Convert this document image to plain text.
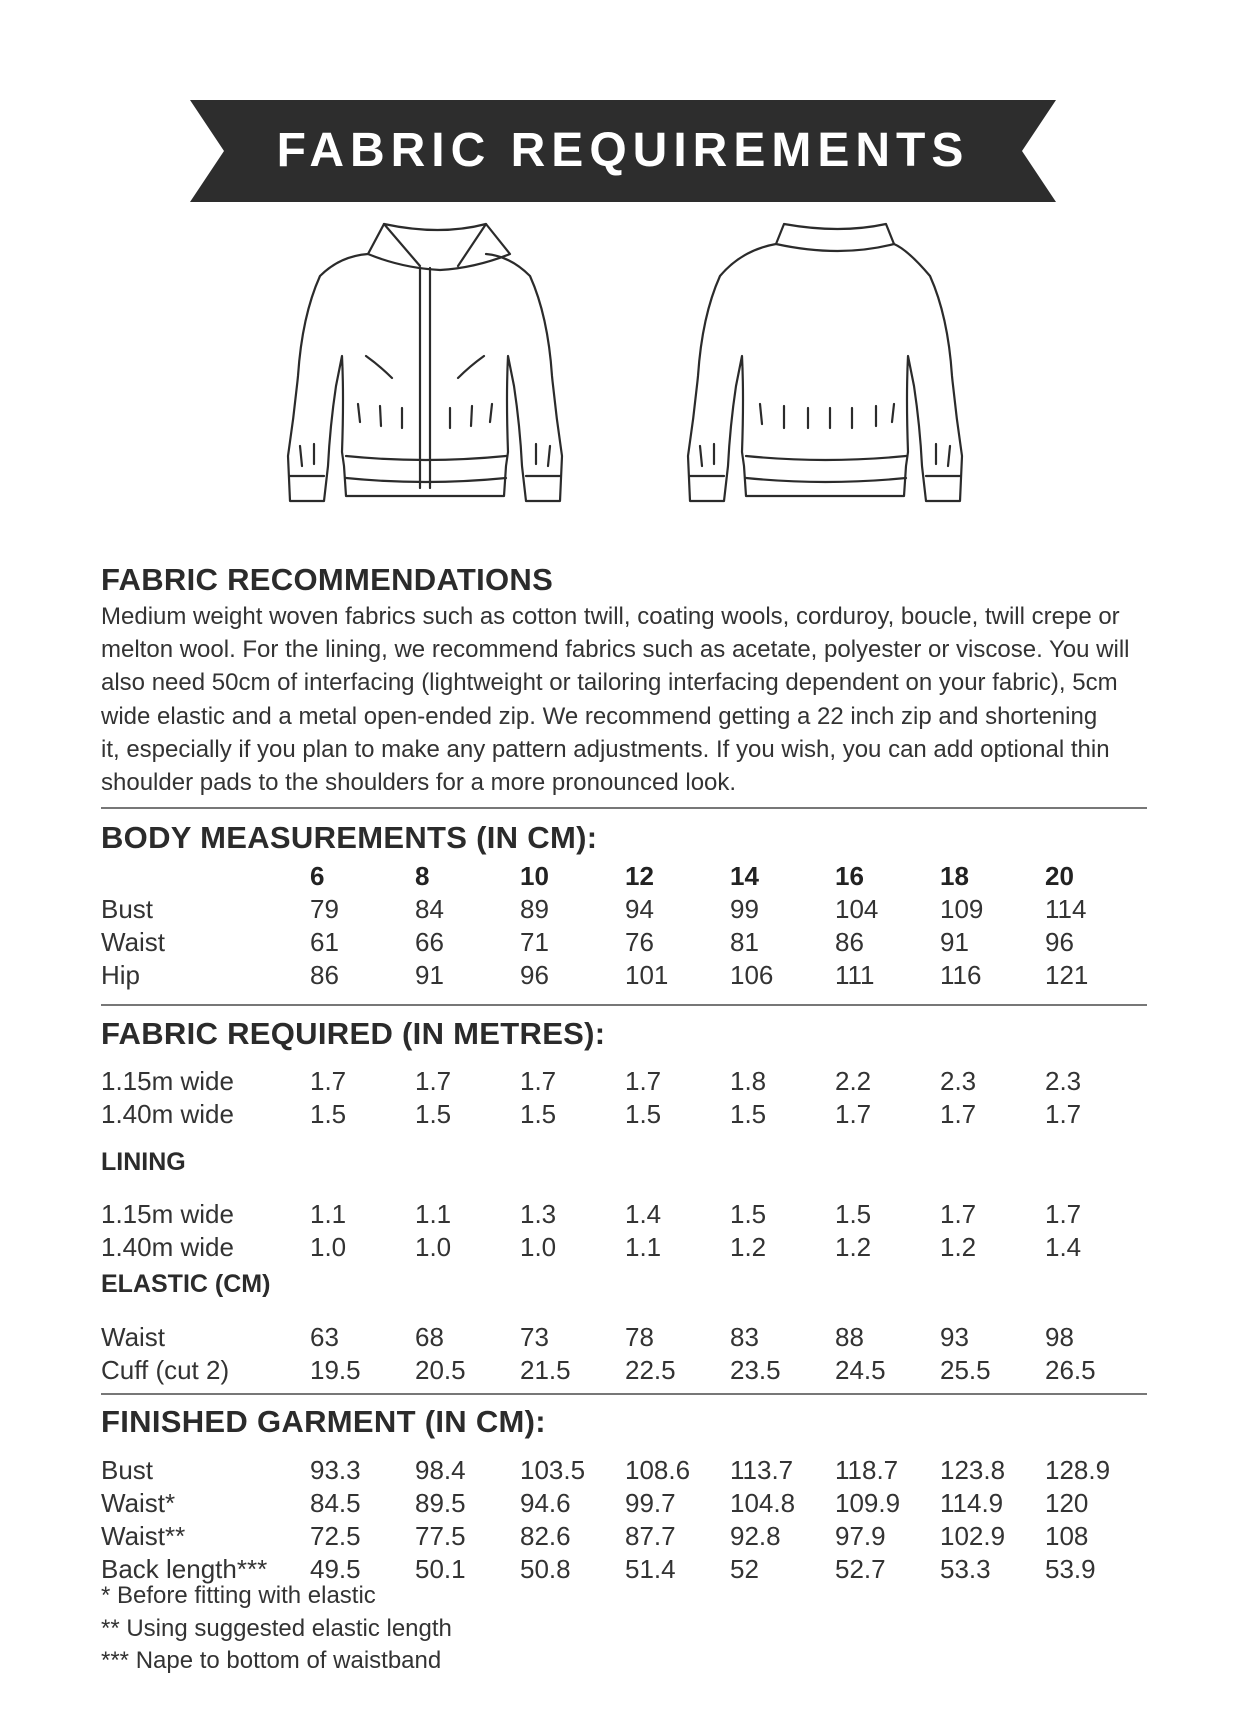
FABRIC REQUIREMENTS
FABRIC RECOMMENDATIONS
Medium weight woven fabrics such as cotton twill, coating wools, corduroy, boucle, twill crepe or
melton wool. For the lining, we recommend fabrics such as acetate, polyester or viscose. You will
also need 50cm of interfacing (lightweight or tailoring interfacing dependent on your fabric), 5cm
wide elastic and a metal open-ended zip. We recommend getting a 22 inch zip and shortening
it, especially if you plan to make any pattern adjustments. If you wish, you can add optional thin
shoulder pads to the shoulders for a more pronounced look.
BODY MEASUREMENTS (IN CM):
6	8	10	12	14	16	18	20
Bust	79	84	89	94	99	104 109 114
Waist	61	66	71	76	81	86	91	96
Hip	86	91	96	101 106 111	116 121
1.15m wide	1.7	1.7	1.7	1.7	1.8	2.2	2.3	2.3
1.40m wide	1.5	1.5	1.5	1.5	1.5	1.7	1.7	1.7
1.15m wide	1.1	1.1	1.3	1.4	1.5	1.5	1.7	1.7
1.40m wide	1.0	1.0	1.0	1.1	1.2	1.2	1.2	1.4
Waist	63	68	73	78	83	88	93	98
Cuff (cut 2)	19.5 20.5 21.5 22.5 23.5 24.5 25.5 26.5
Bust	93.3 98.4 103.5 108.6 113.7 118.7 123.8 128.9
Waist*	84.5 89.5 94.6 99.7 104.8 109.9 114.9 120
Waist**	72.5 77.5 82.6 87.7 92.8 97.9 102.9 108
Back length*** 49.5 50.1 50.8 51.4 52	52.7 53.3 53.9
FABRIC REQUIRED (IN METRES):
LINING
ELASTIC (CM)
FINISHED GARMENT (IN CM):
* Before fitting with elastic
** Using suggested elastic length
*** Nape to bottom of waistband
